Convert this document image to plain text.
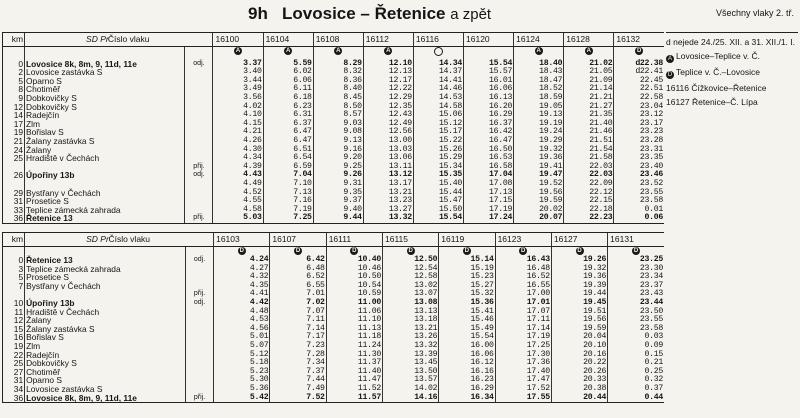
9h Lovosice – Řetenice a zpět	Všechny vlaky 2. tř.
km	SD Pr	Číslo vlaku	16100	16104	16108	16112	16116	16120	16124	16128	16132
			A	A	A	A			A	A	D
0	Lovosice 8k, 8m, 9, 11d, 11e	odj.	3.37	5.59	8.29	12.10	14.34	15.54	18.40	21.02	d22.38
2	Lovosice zastávka S		3.40	6.02	8.32	12.13	14.37	15.57	18.43	21.05	d22.41
5	Oparno S		3.44	6.06	8.36	12.17	14.41	16.01	18.47	21.09	22.45
8	Chotiměř		3.49	6.11	8.40	12.22	14.46	16.06	18.52	21.14	22.51
9	Dobkovičky S		3.56	6.18	8.45	12.29	14.53	16.13	18.59	21.21	22.58
12	Dobkovičky S		4.02	6.23	8.50	12.35	14.58	16.20	19.05	21.27	23.04
14	Radejčín		4.10	6.31	8.57	12.43	15.06	16.29	19.13	21.35	23.12
17	Zlm		4.15	6.37	9.03	12.49	15.12	16.37	19.19	21.40	23.17
19	Bořislav S		4.21	6.47	9.08	12.56	15.17	16.42	19.24	21.46	23.23
21	Žalany zastávka S		4.26	6.47	9.13	13.00	15.22	16.47	19.29	21.51	23.28
24	Žalany		4.30	6.51	9.16	13.03	15.26	16.50	19.32	21.54	23.31
25	Hradiště v Čechách		4.34	6.54	9.20	13.06	15.29	16.53	19.36	21.58	23.35
		přij.	4.39	6.59	9.25	13.11	15.34	16.58	19.41	22.03	23.40
26	Úpořiny 13b	odj.	4.43	7.04	9.26	13.12	15.35	17.04	19.47	22.03	23.46
			4.49	7.10	9.31	13.17	15.40	17.08	19.52	22.09	23.52
29	Bystřany v Čechách		4.52	7.13	9.35	13.21	15.44	17.13	19.56	22.12	23.55
31	Prosetice S		4.55	7.16	9.37	13.23	15.47	17.15	19.59	22.15	23.58
33	Teplice zámecká zahrada		4.58	7.19	9.40	13.27	15.50	17.19	20.02	22.18	0.01
36	Řetenice 13	přij.	5.03	7.25	9.44	13.32	15.54	17.24	20.07	22.23	0.06
km	SD Pr	Číslo vlaku	16103	16107	16111	16115	16119	16123	16127	16131
			D	D	D	D	D	D	D	D
0	Řetenice 13	odj.	4.24	6.42	10.40	12.50	15.14	16.43	19.26	23.25
3	Teplice zámecká zahrada		4.27	6.48	10.46	12.54	15.19	16.48	19.32	23.30
5	Prosetice S		4.32	6.52	10.50	12.58	15.23	16.52	19.36	23.34
7	Bystřany v Čechách		4.35	6.55	10.54	13.02	15.27	16.55	19.39	23.37
		přij.	4.41	7.01	10.59	13.07	15.32	17.00	19.44	23.43
10	Úpořiny 13b	odj.	4.42	7.02	11.00	13.08	15.36	17.01	19.45	23.44
11	Hradiště v Čechách		4.48	7.07	11.06	13.13	15.41	17.07	19.51	23.50
12	Žalany		4.53	7.11	11.10	13.18	15.46	17.11	19.56	23.55
15	Žalany zastávka S		4.56	7.14	11.13	13.21	15.49	17.14	19.59	23.58
16	Bořislav S		5.01	7.17	11.18	13.26	15.54	17.19	20.04	0.03
19	Zlm		5.07	7.23	11.24	13.32	16.00	17.25	20.10	0.09
22	Radejčín		5.12	7.28	11.30	13.39	16.06	17.30	20.16	0.15
25	Dobkovičky S		5.18	7.34	11.37	13.45	16.12	17.36	20.22	0.21
27	Chotiměř		5.23	7.37	11.40	13.50	16.16	17.40	20.26	0.25
31	Oparno S		5.30	7.44	11.47	13.57	16.23	17.47	20.33	0.32
34	Lovosice zastávka S		5.36	7.49	11.52	14.02	16.29	17.52	20.38	0.37
36	Lovosice 8k, 8m, 9, 11d, 11e	přij.	5.42	7.52	11.57	14.16	16.34	17.55	20.44	0.44
d nejede 24./25. XII. a 31. XII./1. I.
A Lovosice–Teplice v. Č.
D Teplice v. Č.–Lovosice
16116 Čížkovice–Řetenice
16127 Řetenice–Č. Lípa
